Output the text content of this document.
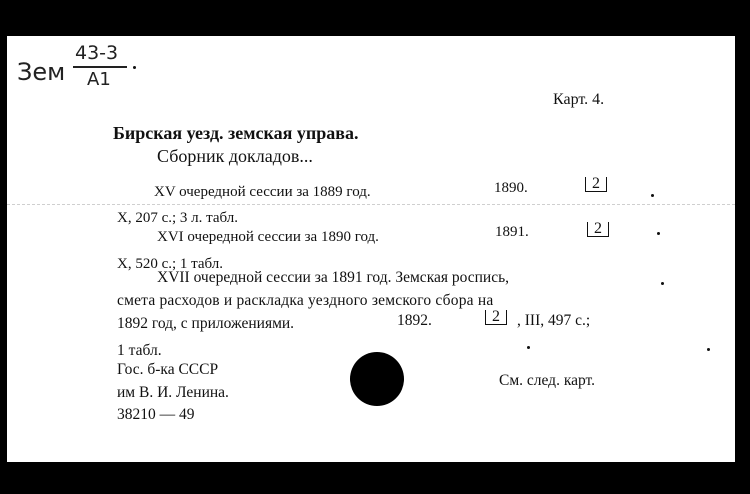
Зем
43-3
А1
Карт. 4.
Бирская уезд. земская управа.
Сборник докладов...
XV очередной сессии за 1889 год.	1890.	2
X, 207 с.; 3 л. табл.
XVI очередной сессии за 1890 год.	1891.	2
X, 520 с.; 1 табл.
XVII очередной сессии за 1891 год. Земская роспись,
смета расходов и раскладка уездного земского сбора на
1892 год, с приложениями.	1892.	2	, III, 497 с.;
1 табл.
Гос. б-ка СССР
им В. И. Ленина.
38210 — 49
См. след. карт.
